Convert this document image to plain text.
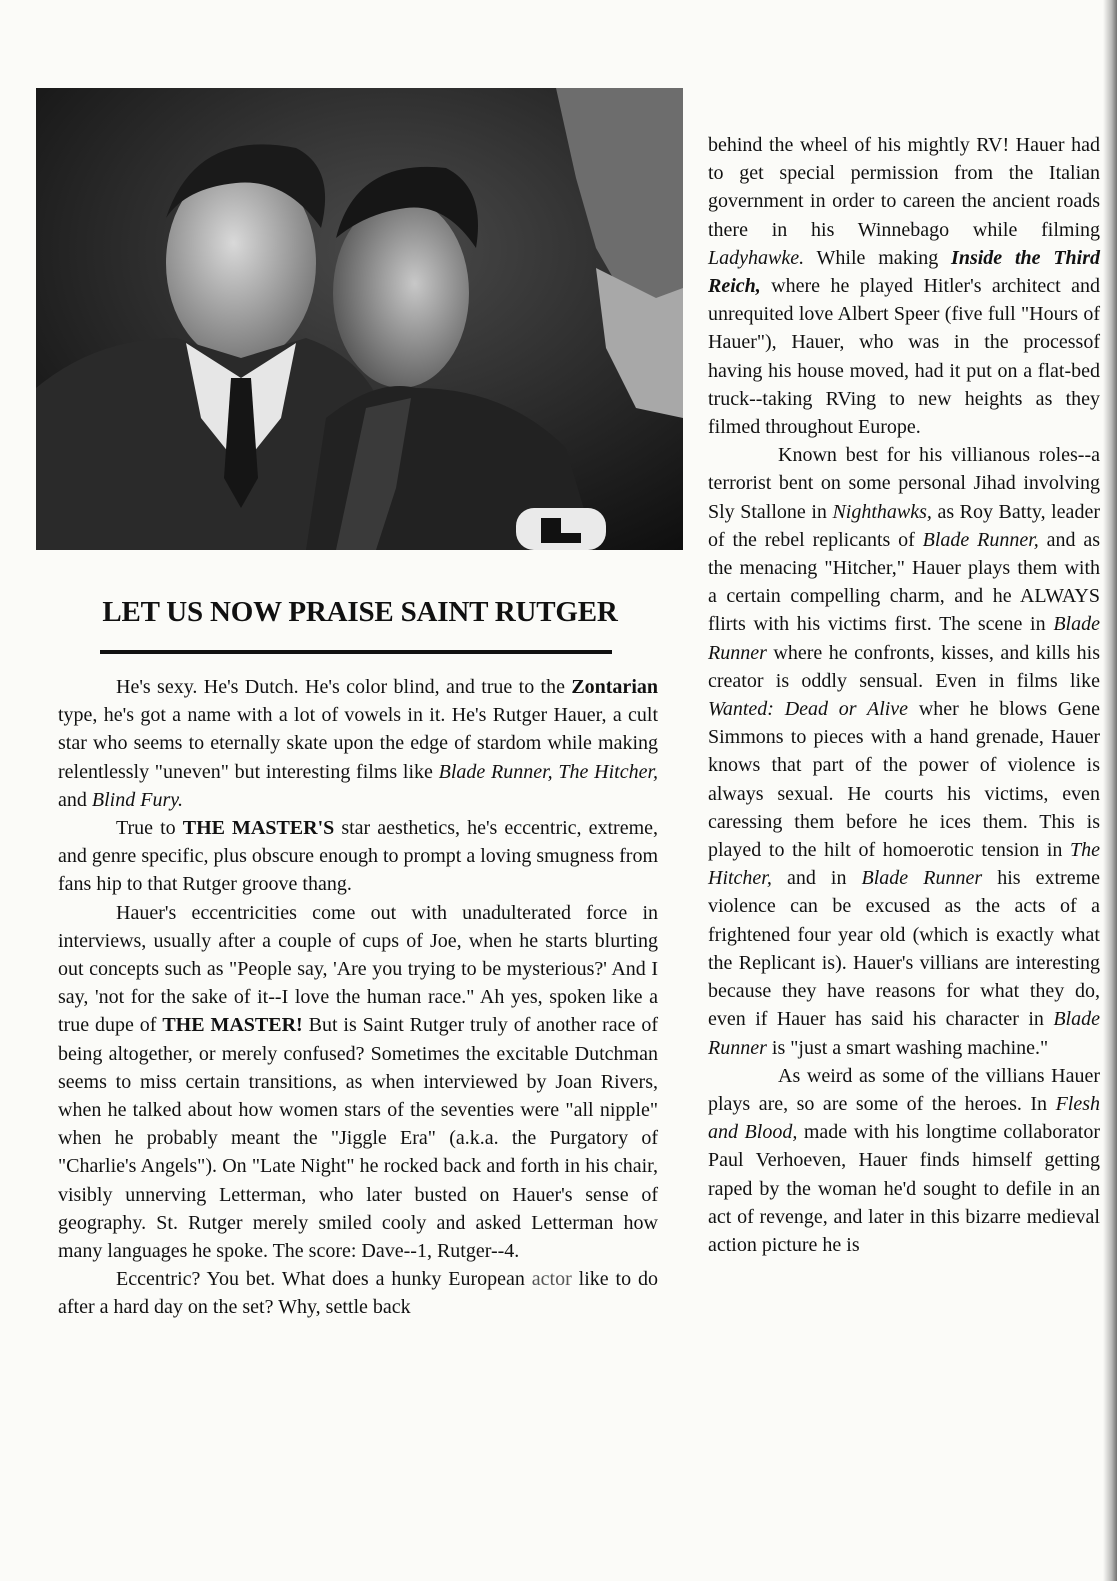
LET US NOW PRAISE SAINT RUTGER

He's sexy. He's Dutch. He's color blind, and true to the Zontarian type, he's got a name with a lot of vowels in it. He's Rutger Hauer, a cult star who seems to eternally skate upon the edge of stardom while making relentlessly "uneven" but interesting films like Blade Runner, The Hitcher, and Blind Fury.

True to THE MASTER'S star aesthetics, he's eccentric, extreme, and genre specific, plus obscure enough to prompt a loving smugness from fans hip to that Rutger groove thang.

Hauer's eccentricities come out with unadulterated force in interviews, usually after a couple of cups of Joe, when he starts blurting out concepts such as "People say, 'Are you trying to be mysterious?' And I say, 'not for the sake of it--I love the human race." Ah yes, spoken like a true dupe of THE MASTER! But is Saint Rutger truly of another race of being altogether, or merely confused? Sometimes the excitable Dutchman seems to miss certain transitions, as when interviewed by Joan Rivers, when he talked about how women stars of the seventies were "all nipple" when he probably meant the "Jiggle Era" (a.k.a. the Purgatory of "Charlie's Angels"). On "Late Night" he rocked back and forth in his chair, visibly unnerving Letterman, who later busted on Hauer's sense of geography. St. Rutger merely smiled cooly and asked Letterman how many languages he spoke. The score: Dave--1, Rutger--4.

Eccentric? You bet. What does a hunky European actor like to do after a hard day on the set? Why, settle back

behind the wheel of his mightly RV! Hauer had to get special permission from the Italian government in order to careen the ancient roads there in his Winnebago while filming Ladyhawke. While making Inside the Third Reich, where he played Hitler's architect and unrequited love Albert Speer (five full "Hours of Hauer"), Hauer, who was in the processof having his house moved, had it put on a flat-bed truck--taking RVing to new heights as they filmed throughout Europe.

Known best for his villianous roles--a terrorist bent on some personal Jihad involving Sly Stallone in Nighthawks, as Roy Batty, leader of the rebel replicants of Blade Runner, and as the menacing "Hitcher," Hauer plays them with a certain compelling charm, and he ALWAYS flirts with his victims first. The scene in Blade Runner where he confronts, kisses, and kills his creator is oddly sensual. Even in films like Wanted: Dead or Alive wher he blows Gene Simmons to pieces with a hand grenade, Hauer knows that part of the power of violence is always sexual. He courts his victims, even caressing them before he ices them. This is played to the hilt of homoerotic tension in The Hitcher, and in Blade Runner his extreme violence can be excused as the acts of a frightened four year old (which is exactly what the Replicant is). Hauer's villians are interesting because they have reasons for what they do, even if Hauer has said his character in Blade Runner is "just a smart washing machine."

As weird as some of the villians Hauer plays are, so are some of the heroes. In Flesh and Blood, made with his longtime collaborator Paul Verhoeven, Hauer finds himself getting raped by the woman he'd sought to defile in an act of revenge, and later in this bizarre medieval action picture he is
